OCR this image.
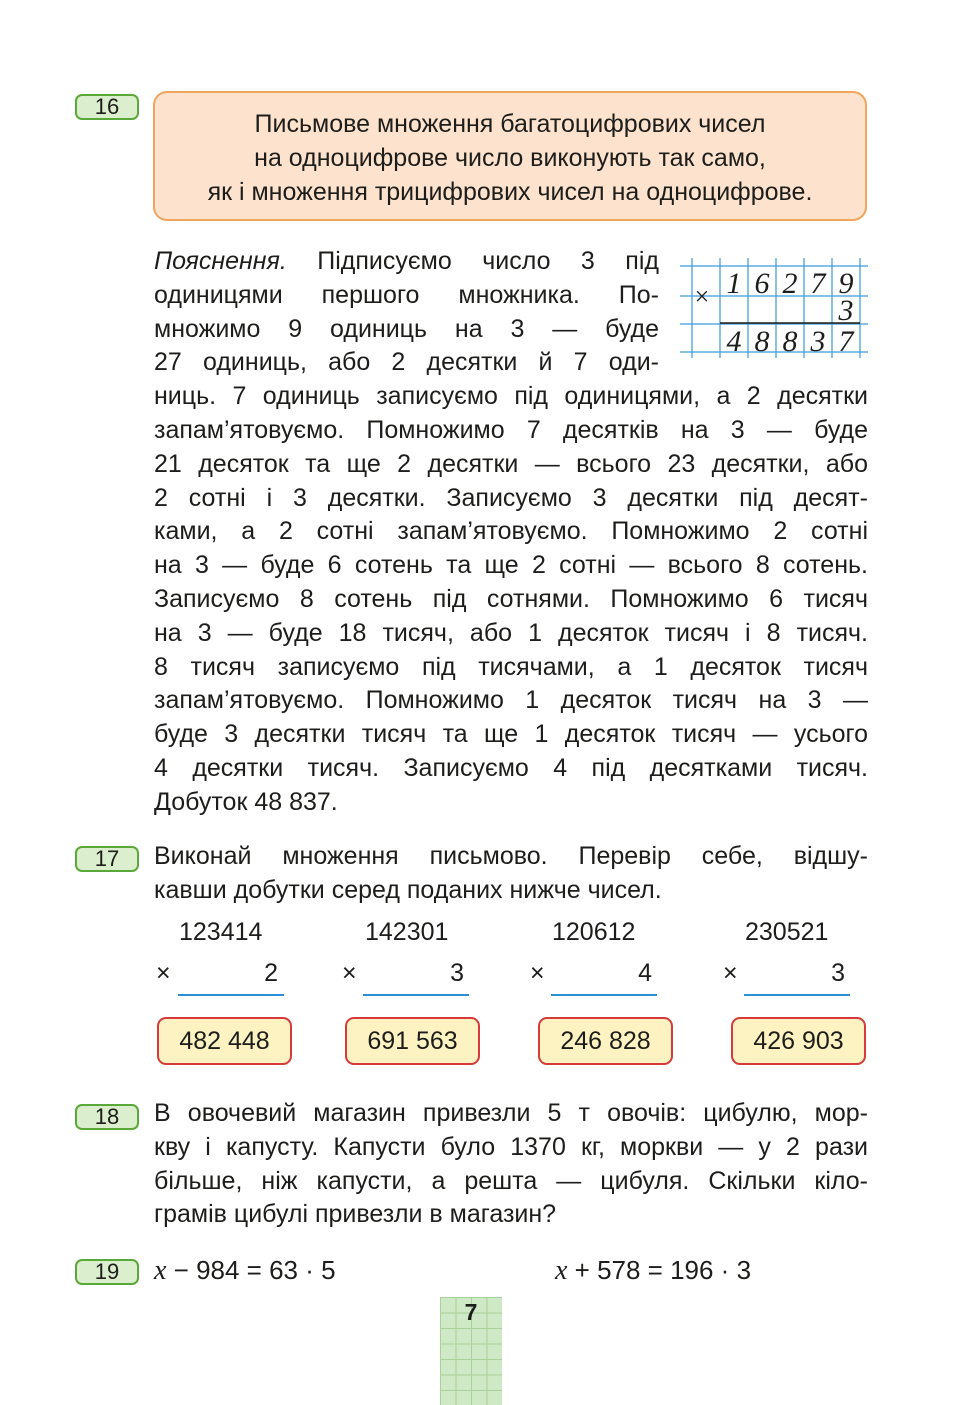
16
Письмове множення багатоцифрових чисел
на одноцифрове число виконують так само,
як і множення трицифрових чисел на одноцифрове.
Пояснення. Підписуємо число 3 під
одиницями першого множника. По-
множимо 9 одиниць на 3 — буде
27 одиниць, або 2 десятки й 7 оди-
ниць. 7 одиниць записуємо під одиницями, а 2 десятки
запам’ятовуємо. Помножимо 7 десятків на 3 — буде
21 десяток та ще 2 десятки — всього 23 десятки, або
2 сотні і 3 десятки. Записуємо 3 десятки під десят-
ками, а 2 сотні запам’ятовуємо. Помножимо 2 сотні
на 3 — буде 6 сотень та ще 2 сотні — всього 8 сотень.
Записуємо 8 сотень під сотнями. Помножимо 6 тисяч
на 3 — буде 18 тисяч, або 1 десяток тисяч і 8 тисяч.
8 тисяч записуємо під тисячами, а 1 десяток тисяч
запам’ятовуємо. Помножимо 1 десяток тисяч на 3 —
буде 3 десятки тисяч та ще 1 десяток тисяч — усього
4 десятки тисяч. Записуємо 4 під десятками тисяч.
Добуток 48 837.
× 1 6 2 7 9
3
4 8 8 3 7
17	Виконай множення письмово. Перевір себе, відшу-
кавши добутки серед поданих нижче чисел.
123414
×	2
142301
×	3
120612
×	4
230521
×	3
482 448	691 563	246 828	426 903
18	В овочевий магазин привезли 5 т овочів: цибулю, мор-
кву і капусту. Капусти було 1370 кг, моркви — у 2 рази
більше, ніж капусти, а решта — цибуля. Скільки кіло-
грамів цибулі привезли в магазин?
19	x − 984 = 63 · 5	x + 578 = 196 · 3
7
